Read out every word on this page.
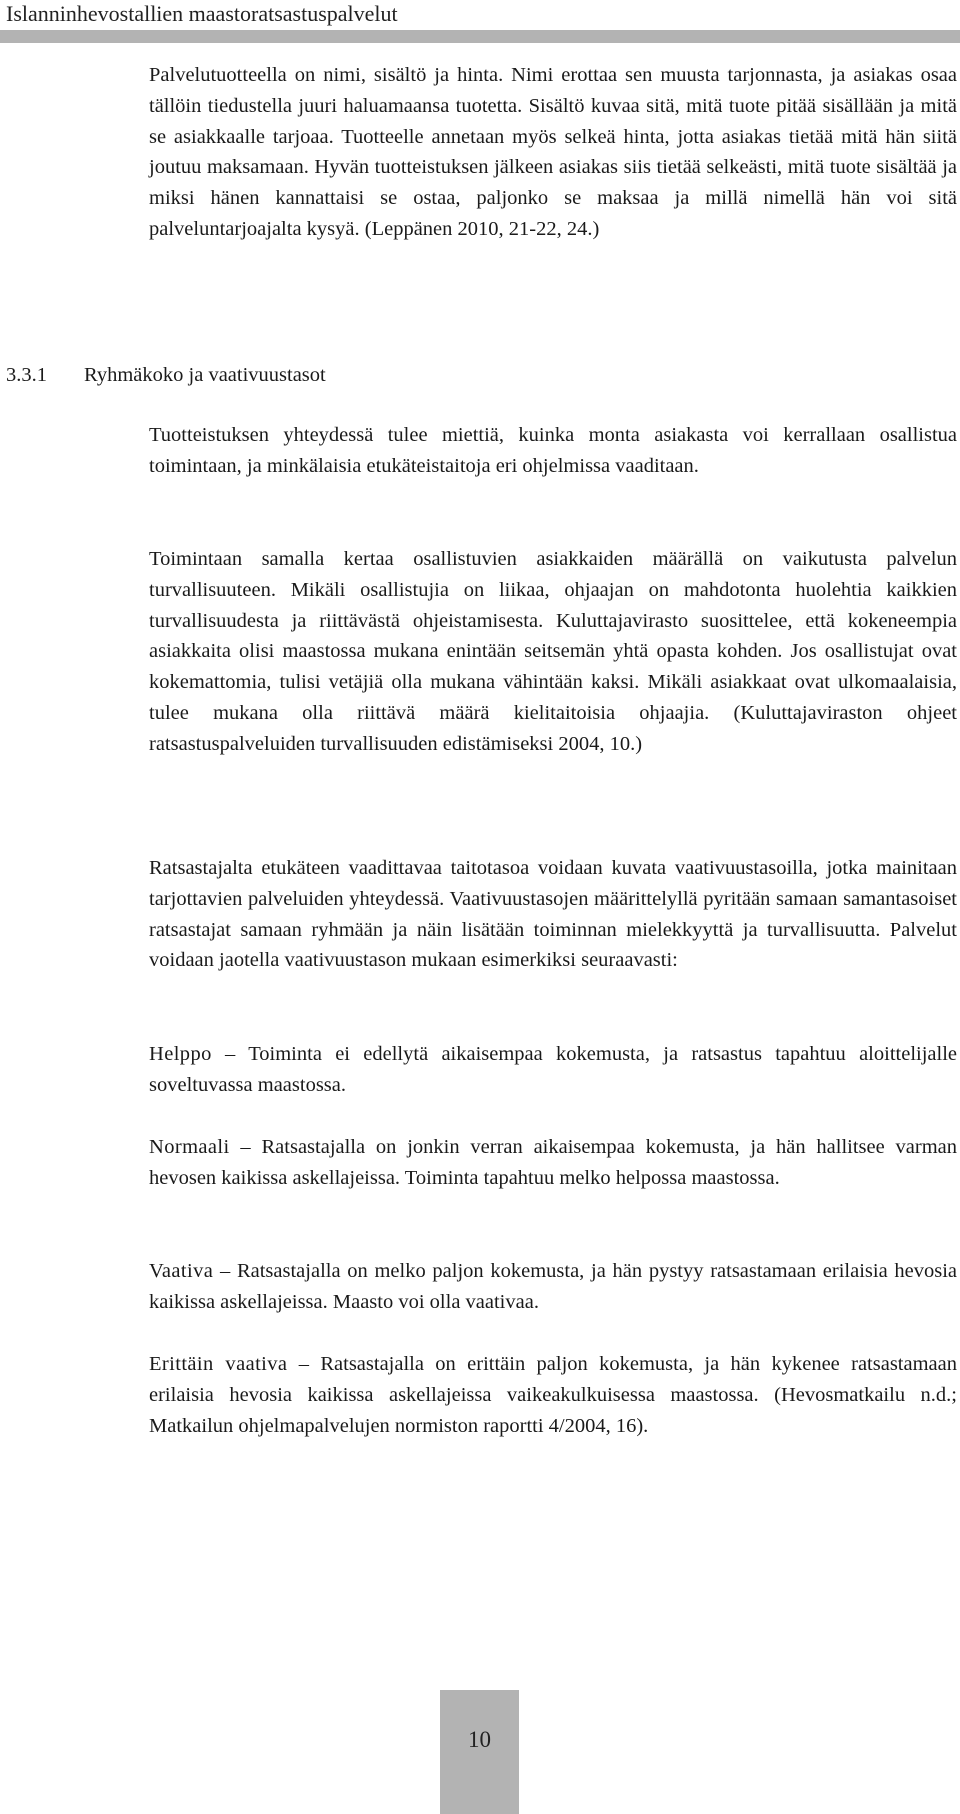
Islanninhevostallien maastoratsastuspalvelut

Palvelutuotteella on nimi, sisältö ja hinta. Nimi erottaa sen muusta tarjonnasta, ja asiakas osaa tällöin tiedustella juuri haluamaansa tuotetta. Sisältö kuvaa sitä, mitä tuote pitää sisällään ja mitä se asiakkaalle tarjoaa. Tuotteelle annetaan myös selkeä hinta, jotta asiakas tietää mitä hän siitä joutuu maksamaan. Hyvän tuotteistuksen jälkeen asiakas siis tietää selkeästi, mitä tuote sisältää ja miksi hänen kannattaisi se ostaa, paljonko se maksaa ja millä nimellä hän voi sitä palveluntarjoajalta kysyä. (Leppänen 2010, 21-22, 24.)

3.3.1 Ryhmäkoko ja vaativuustasot

Tuotteistuksen yhteydessä tulee miettiä, kuinka monta asiakasta voi kerrallaan osallistua toimintaan, ja minkälaisia etukäteistaitoja eri ohjelmissa vaaditaan.

Toimintaan samalla kertaa osallistuvien asiakkaiden määrällä on vaikutusta palvelun turvallisuuteen. Mikäli osallistujia on liikaa, ohjaajan on mahdotonta huolehtia kaikkien turvallisuudesta ja riittävästä ohjeistamisesta. Kuluttajavirasto suosittelee, että kokeneempia asiakkaita olisi maastossa mukana enintään seitsemän yhtä opasta kohden. Jos osallistujat ovat kokemattomia, tulisi vetäjiä olla mukana vähintään kaksi. Mikäli asiakkaat ovat ulkomaalaisia, tulee mukana olla riittävä määrä kielitaitoisia ohjaajia. (Kuluttajaviraston ohjeet ratsastuspalveluiden turvallisuuden edistämiseksi 2004, 10.)

Ratsastajalta etukäteen vaadittavaa taitotasoa voidaan kuvata vaativuustasoilla, jotka mainitaan tarjottavien palveluiden yhteydessä. Vaativuustasojen määrittelyllä pyritään samaan samantasoiset ratsastajat samaan ryhmään ja näin lisätään toiminnan mielekkyyttä ja turvallisuutta. Palvelut voidaan jaotella vaativuustason mukaan esimerkiksi seuraavasti:

Helppo – Toiminta ei edellytä aikaisempaa kokemusta, ja ratsastus tapahtuu aloittelijalle soveltuvassa maastossa.

Normaali – Ratsastajalla on jonkin verran aikaisempaa kokemusta, ja hän hallitsee varman hevosen kaikissa askellajeissa. Toiminta tapahtuu melko helpossa maastossa.

Vaativa – Ratsastajalla on melko paljon kokemusta, ja hän pystyy ratsastamaan erilaisia hevosia kaikissa askellajeissa. Maasto voi olla vaativaa.

Erittäin vaativa – Ratsastajalla on erittäin paljon kokemusta, ja hän kykenee ratsastamaan erilaisia hevosia kaikissa askellajeissa vaikeakulkuisessa maastossa. (Hevosmatkailu n.d.; Matkailun ohjelmapalvelujen normiston raportti 4/2004, 16).

10
